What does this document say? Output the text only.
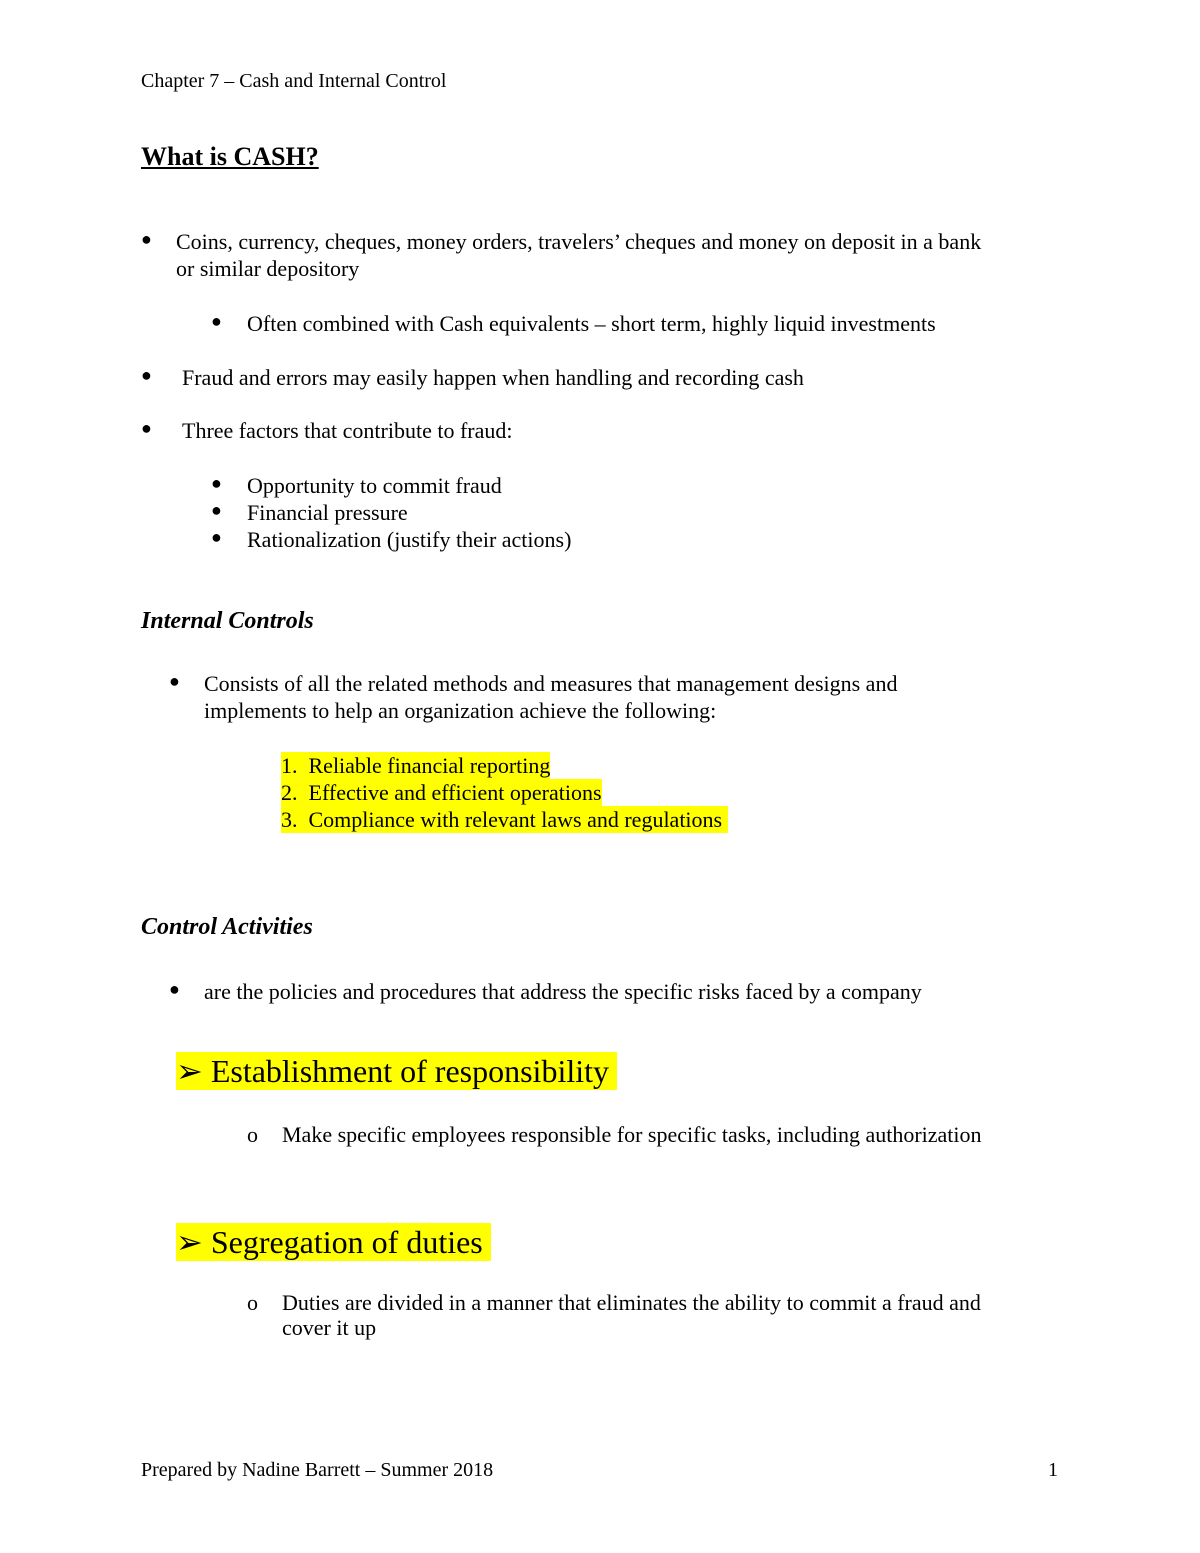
Chapter 7 – Cash and Internal Control
What is CASH?
● Coins, currency, cheques, money orders, travelers’ cheques and money on deposit in a bank
or similar depository
● Often combined with Cash equivalents – short term, highly liquid investments
● Fraud and errors may easily happen when handling and recording cash
● Three factors that contribute to fraud:
● Opportunity to commit fraud
● Financial pressure
● Rationalization (justify their actions)
Internal Controls
● Consists of all the related methods and measures that management designs and
implements to help an organization achieve the following:
1. Reliable financial reporting
2. Effective and efficient operations
3. Compliance with relevant laws and regulations
Control Activities
● are the policies and procedures that address the specific risks faced by a company
➢ Establishment of responsibility
o Make specific employees responsible for specific tasks, including authorization
➢ Segregation of duties
o Duties are divided in a manner that eliminates the ability to commit a fraud and
cover it up
Prepared by Nadine Barrett – Summer 2018	1
